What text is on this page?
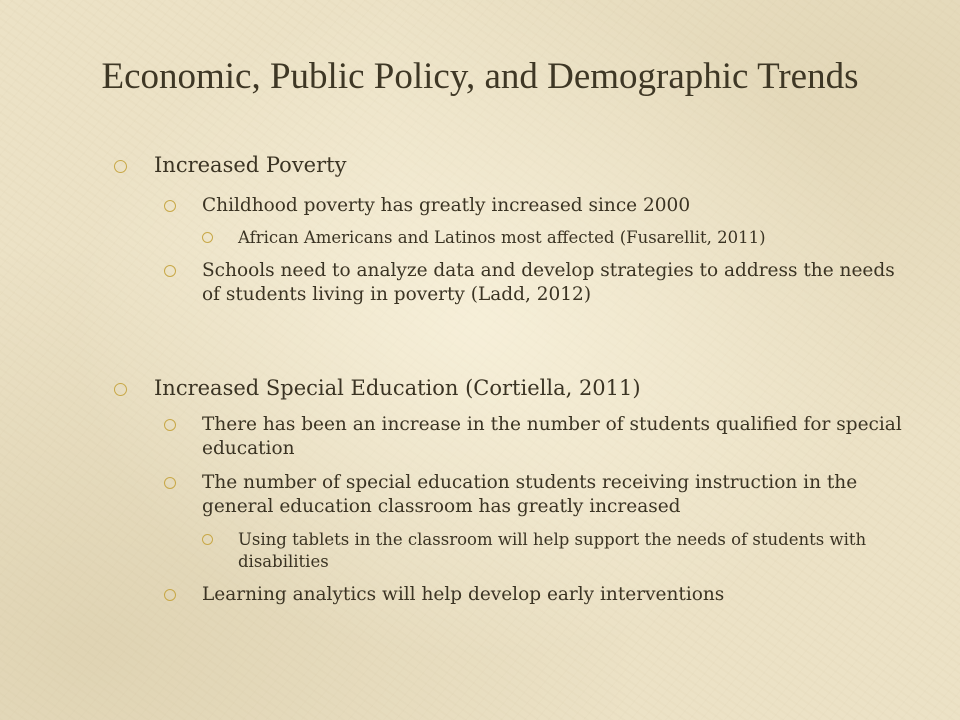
Economic, Public Policy, and Demographic Trends
Increased Poverty
Childhood poverty has greatly increased since 2000
African Americans and Latinos most affected (Fusarellit, 2011)
Schools need to analyze data and develop strategies to address the needs of students living in poverty (Ladd, 2012)
Increased Special Education (Cortiella, 2011)
There has been an increase in the number of students qualified for special education
The number of special education students receiving instruction in the general education classroom has greatly increased
Using tablets in the classroom will help support the needs of students with disabilities
Learning analytics will help develop early interventions
